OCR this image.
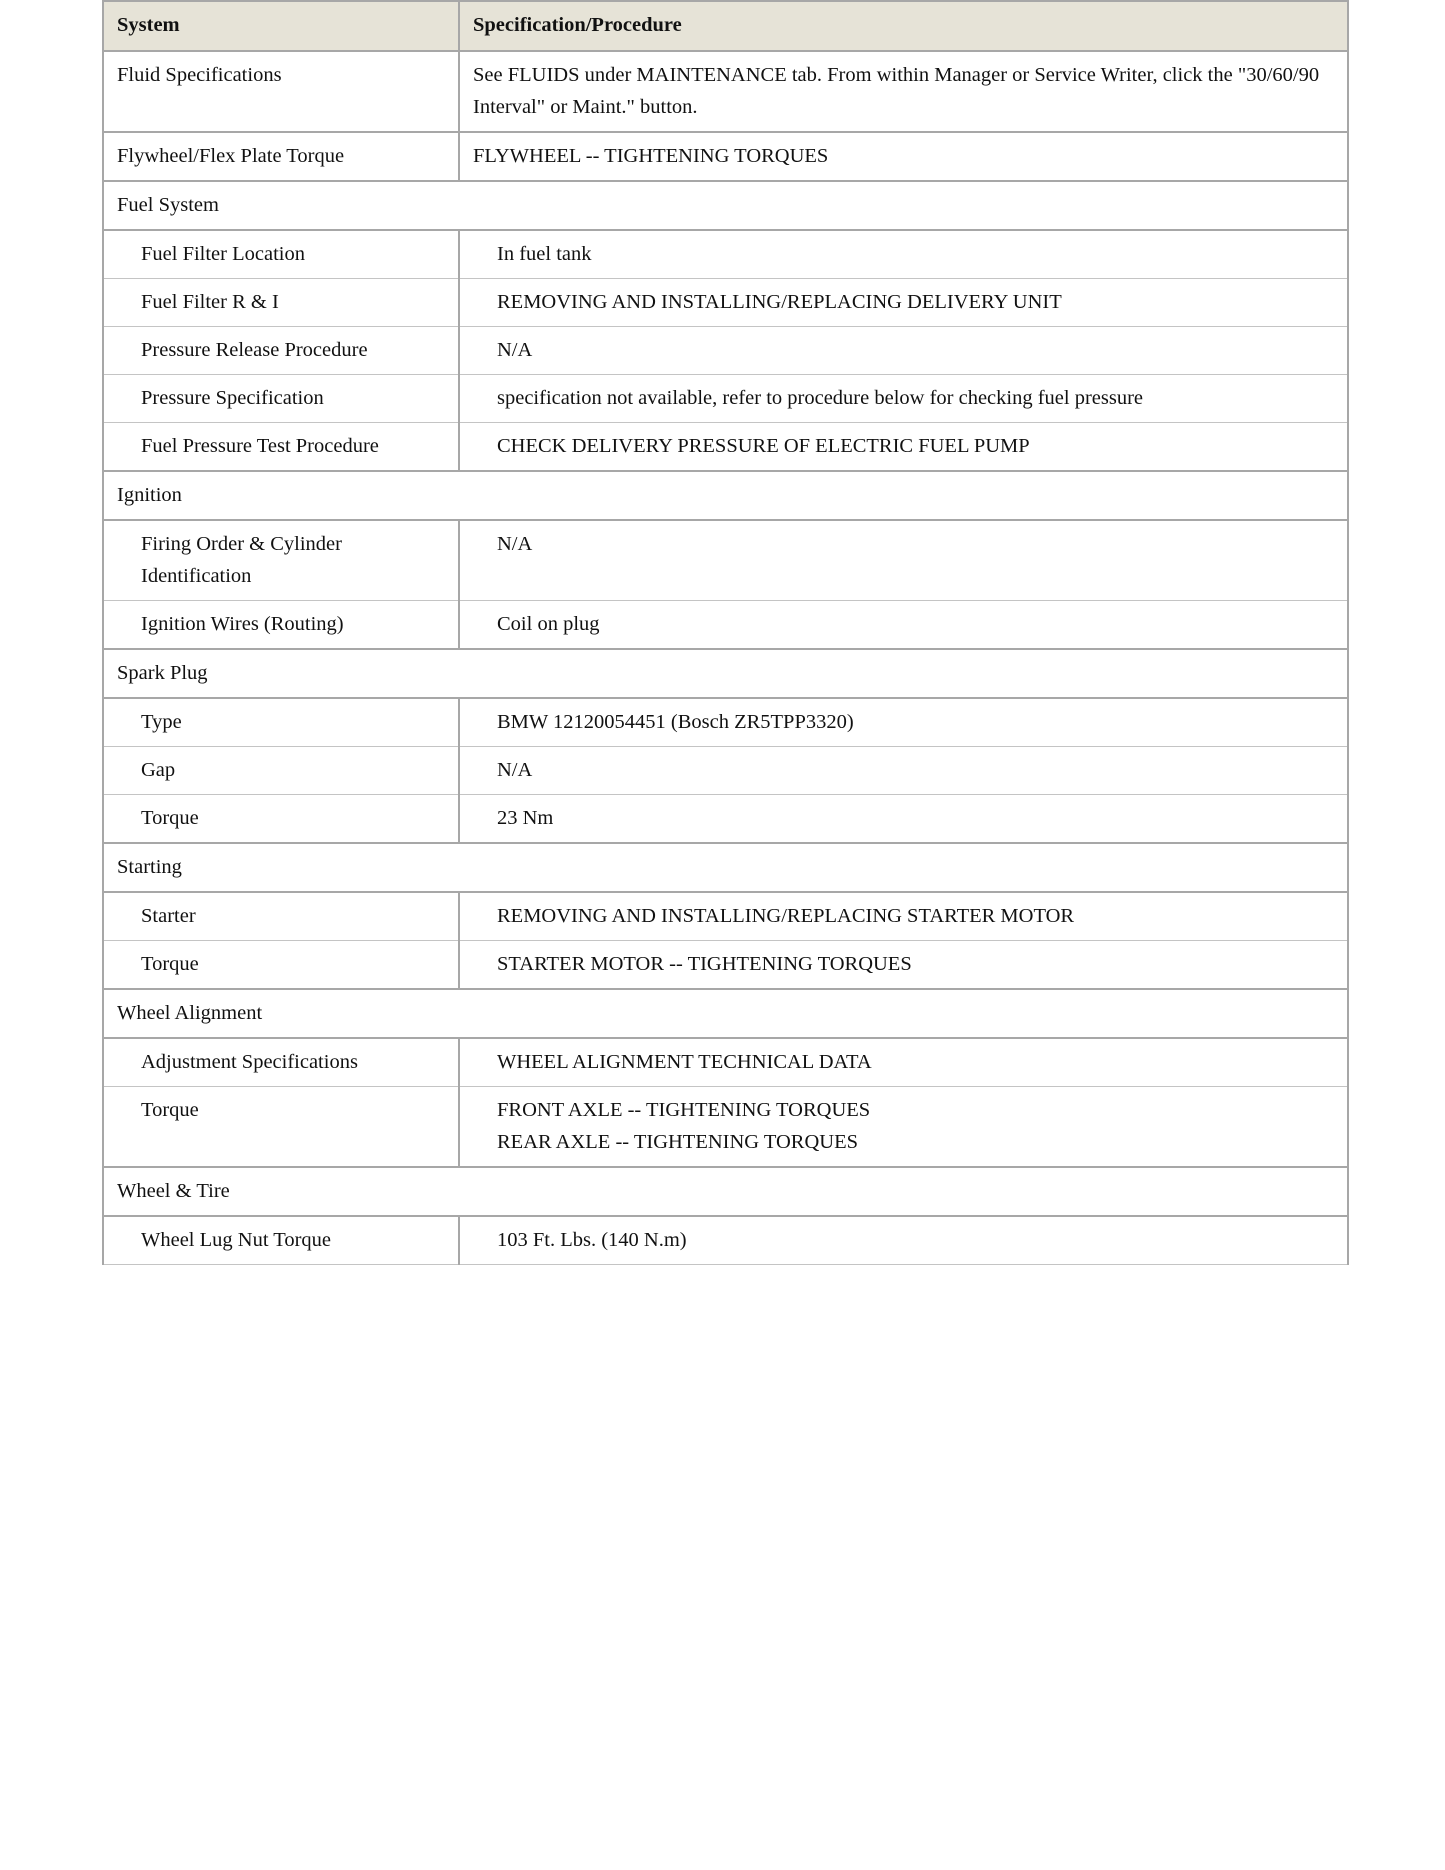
System	Specification/Procedure
Fluid Specifications	See FLUIDS under MAINTENANCE tab. From within Manager or Service Writer, click the "30/60/90 Interval" or Maint." button.
Flywheel/Flex Plate Torque	FLYWHEEL -- TIGHTENING TORQUES
Fuel System	
Fuel Filter Location	In fuel tank
Fuel Filter R & I	REMOVING AND INSTALLING/REPLACING DELIVERY UNIT
Pressure Release Procedure	N/A
Pressure Specification	specification not available, refer to procedure below for checking fuel pressure
Fuel Pressure Test Procedure	CHECK DELIVERY PRESSURE OF ELECTRIC FUEL PUMP
Ignition	
Firing Order & Cylinder Identification	N/A
Ignition Wires (Routing)	Coil on plug
Spark Plug	
Type	BMW 12120054451 (Bosch ZR5TPP3320)
Gap	N/A
Torque	23 Nm
Starting	
Starter	REMOVING AND INSTALLING/REPLACING STARTER MOTOR
Torque	STARTER MOTOR -- TIGHTENING TORQUES
Wheel Alignment	
Adjustment Specifications	WHEEL ALIGNMENT TECHNICAL DATA
Torque	FRONT AXLE -- TIGHTENING TORQUES
REAR AXLE -- TIGHTENING TORQUES

Wheel & Tire	
Wheel Lug Nut Torque	103 Ft. Lbs. (140 N.m)
